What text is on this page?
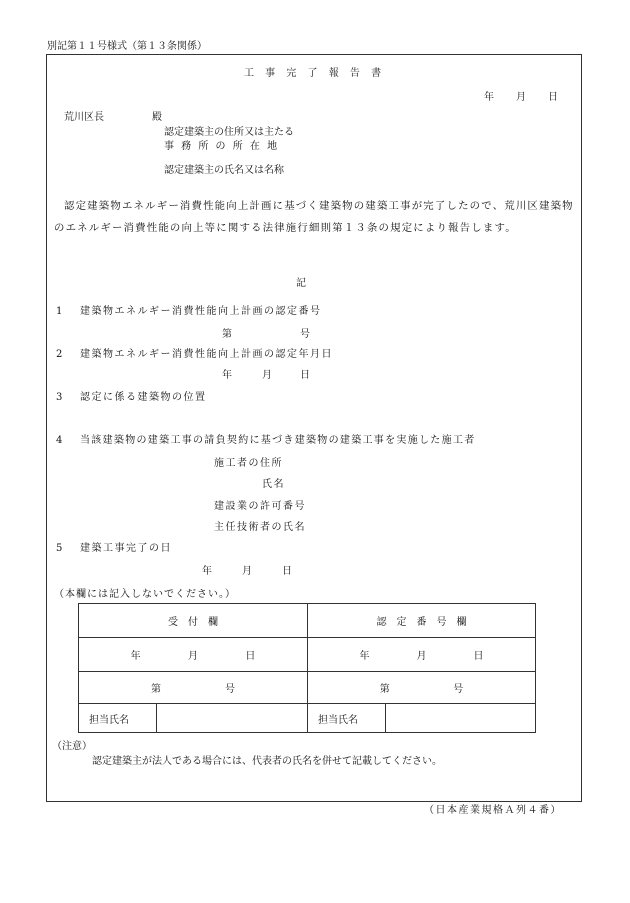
別記第１１号様式（第１３条関係）
工 事 完 了 報 告 書
年 月 日
荒川区長	殿
認定建築主の住所又は主たる
事 務 所 の 所 在 地
認定建築主の氏名又は名称
認定建築物エネルギー消費性能向上計画に基づく建築物の建築工事が完了したので、荒川区建築物のエネルギー消費性能の向上等に関する法律施行細則第１３条の規定により報告します。
記
1 建築物エネルギー消費性能向上計画の認定番号
第	号
2 建築物エネルギー消費性能向上計画の認定年月日
年	月	日
3 認定に係る建築物の位置
4 当該建築物の建築工事の請負契約に基づき建築物の建築工事を実施した施工者
施工者の住所
氏名
建設業の許可番号
主任技術者の氏名
5 建築工事完了の日
年	月	日
（本欄には記入しないでください。）
受　付　欄		認　定　番　号　欄	

年 月 日		年 月 日	

第 号		第 号	

担当氏名		担当氏名	
（注意）
認定建築主が法人である場合には、代表者の氏名を併せて記載してください。
（日本産業規格Ａ列４番）
